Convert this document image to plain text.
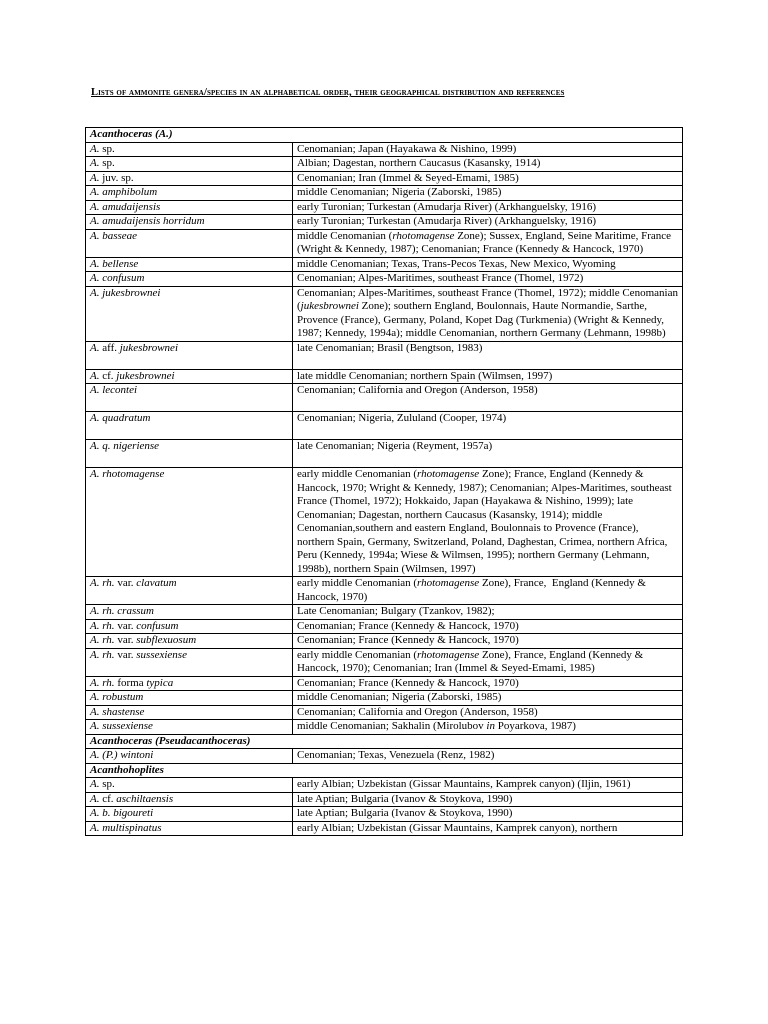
Lists of ammonite genera/species in an alphabetical order, their geographical distribution and references
Acanthoceras (A.)	
A. sp.	Cenomanian; Japan (Hayakawa & Nishino, 1999)
A. sp.	Albian; Dagestan, northern Caucasus (Kasansky, 1914)
A. juv. sp.	Cenomanian; Iran (Immel & Seyed-Emami, 1985)
A. amphibolum	middle Cenomanian; Nigeria (Zaborski, 1985)
A. amudaijensis	early Turonian; Turkestan (Amudarja River) (Arkhanguelsky, 1916)
A. amudaijensis horridum	early Turonian; Turkestan (Amudarja River) (Arkhanguelsky, 1916)
A. basseae	middle Cenomanian (rhotomagense Zone); Sussex, England, Seine Maritime, France (Wright & Kennedy, 1987); Cenomanian; France (Kennedy & Hancock, 1970)
A. bellense	middle Cenomanian; Texas, Trans-Pecos Texas, New Mexico, Wyoming
A. confusum	Cenomanian; Alpes-Maritimes, southeast France (Thomel, 1972)
A. jukesbrownei	Cenomanian; Alpes-Maritimes, southeast France (Thomel, 1972); middle Cenomanian (jukesbrownei Zone); southern England, Boulonnais, Haute Normandie, Sarthe, Provence (France), Germany, Poland, Kopet Dag (Turkmenia) (Wright & Kennedy, 1987; Kennedy, 1994a); middle Cenomanian, northern Germany (Lehmann, 1998b)
A. aff. jukesbrownei	late Cenomanian; Brasil (Bengtson, 1983)
A. cf. jukesbrownei	late middle Cenomanian; northern Spain (Wilmsen, 1997)
A. lecontei	Cenomanian; California and Oregon (Anderson, 1958)
A. quadratum	Cenomanian; Nigeria, Zululand (Cooper, 1974)
A. q. nigeriense	late Cenomanian; Nigeria (Reyment, 1957a)
A. rhotomagense	early middle Cenomanian (rhotomagense Zone); France, England (Kennedy & Hancock, 1970; Wright & Kennedy, 1987); Cenomanian; Alpes-Maritimes, southeast France (Thomel, 1972); Hokkaido, Japan (Hayakawa & Nishino, 1999); late Cenomanian; Dagestan, northern Caucasus (Kasansky, 1914); middle Cenomanian,southern and eastern England, Boulonnais to Provence (France), northern Spain, Germany, Switzerland, Poland, Daghestan, Crimea, northern Africa, Peru (Kennedy, 1994a; Wiese & Wilmsen, 1995); northern Germany (Lehmann, 1998b), northern Spain (Wilmsen, 1997)
A. rh. var. clavatum	early middle Cenomanian (rhotomagense Zone), France,  England (Kennedy & Hancock, 1970)
A. rh. crassum	Late Cenomanian; Bulgary (Tzankov, 1982);
A. rh. var. confusum	Cenomanian; France (Kennedy & Hancock, 1970)
A. rh. var. subflexuosum	Cenomanian; France (Kennedy & Hancock, 1970)
A. rh. var. sussexiense	early middle Cenomanian (rhotomagense Zone), France, England (Kennedy & Hancock, 1970); Cenomanian; Iran (Immel & Seyed-Emami, 1985)
A. rh. forma typica	Cenomanian; France (Kennedy & Hancock, 1970)
A. robustum	middle Cenomanian; Nigeria (Zaborski, 1985)
A. shastense	Cenomanian; California and Oregon (Anderson, 1958)
A. sussexiense	middle Cenomanian; Sakhalin (Mirolubov in Poyarkova, 1987)
Acanthoceras (Pseudacanthoceras)	
A. (P.) wintoni	Cenomanian; Texas, Venezuela (Renz, 1982)
Acanthohoplites	
A. sp.	early Albian; Uzbekistan (Gissar Mauntains, Kamprek canyon) (Iljin, 1961)
A. cf. aschiltaensis	late Aptian; Bulgaria (Ivanov & Stoykova, 1990)
A. b. bigoureti	late Aptian; Bulgaria (Ivanov & Stoykova, 1990)
A. multispinatus	early Albian; Uzbekistan (Gissar Mauntains, Kamprek canyon), northern
